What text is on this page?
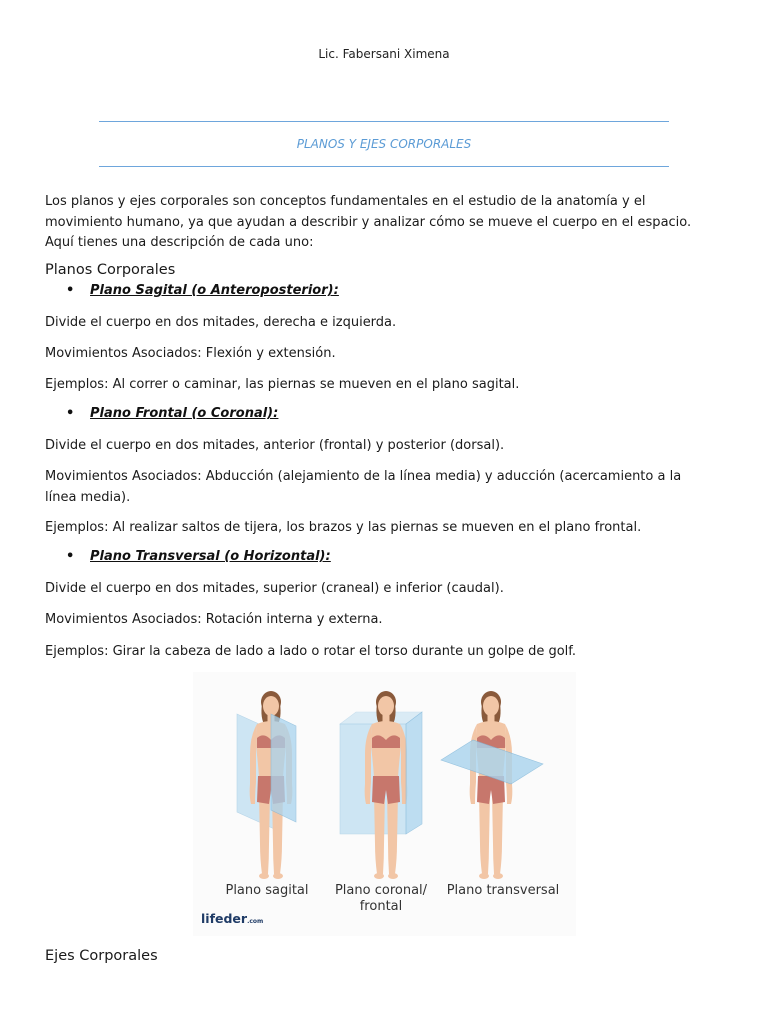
Lic. Fabersani Ximena
PLANOS Y EJES CORPORALES
Los planos y ejes corporales son conceptos fundamentales en el estudio de la anatomía y el movimiento humano, ya que ayudan a describir y analizar cómo se mueve el cuerpo en el espacio. Aquí tienes una descripción de cada uno:
Planos Corporales
• Plano Sagital (o Anteroposterior):
Divide el cuerpo en dos mitades, derecha e izquierda.
Movimientos Asociados: Flexión y extensión.
Ejemplos: Al correr o caminar, las piernas se mueven en el plano sagital.
• Plano Frontal (o Coronal):
Divide el cuerpo en dos mitades, anterior (frontal) y posterior (dorsal).
Movimientos Asociados: Abducción (alejamiento de la línea media) y aducción (acercamiento a la línea media).
Ejemplos: Al realizar saltos de tijera, los brazos y las piernas se mueven en el plano frontal.
• Plano Transversal (o Horizontal):
Divide el cuerpo en dos mitades, superior (craneal) e inferior (caudal).
Movimientos Asociados: Rotación interna y externa.
Ejemplos: Girar la cabeza de lado a lado o rotar el torso durante un golpe de golf.
Plano sagital Plano coronal/ frontal
Plano transversal
lifeder.com
Ejes Corporales
